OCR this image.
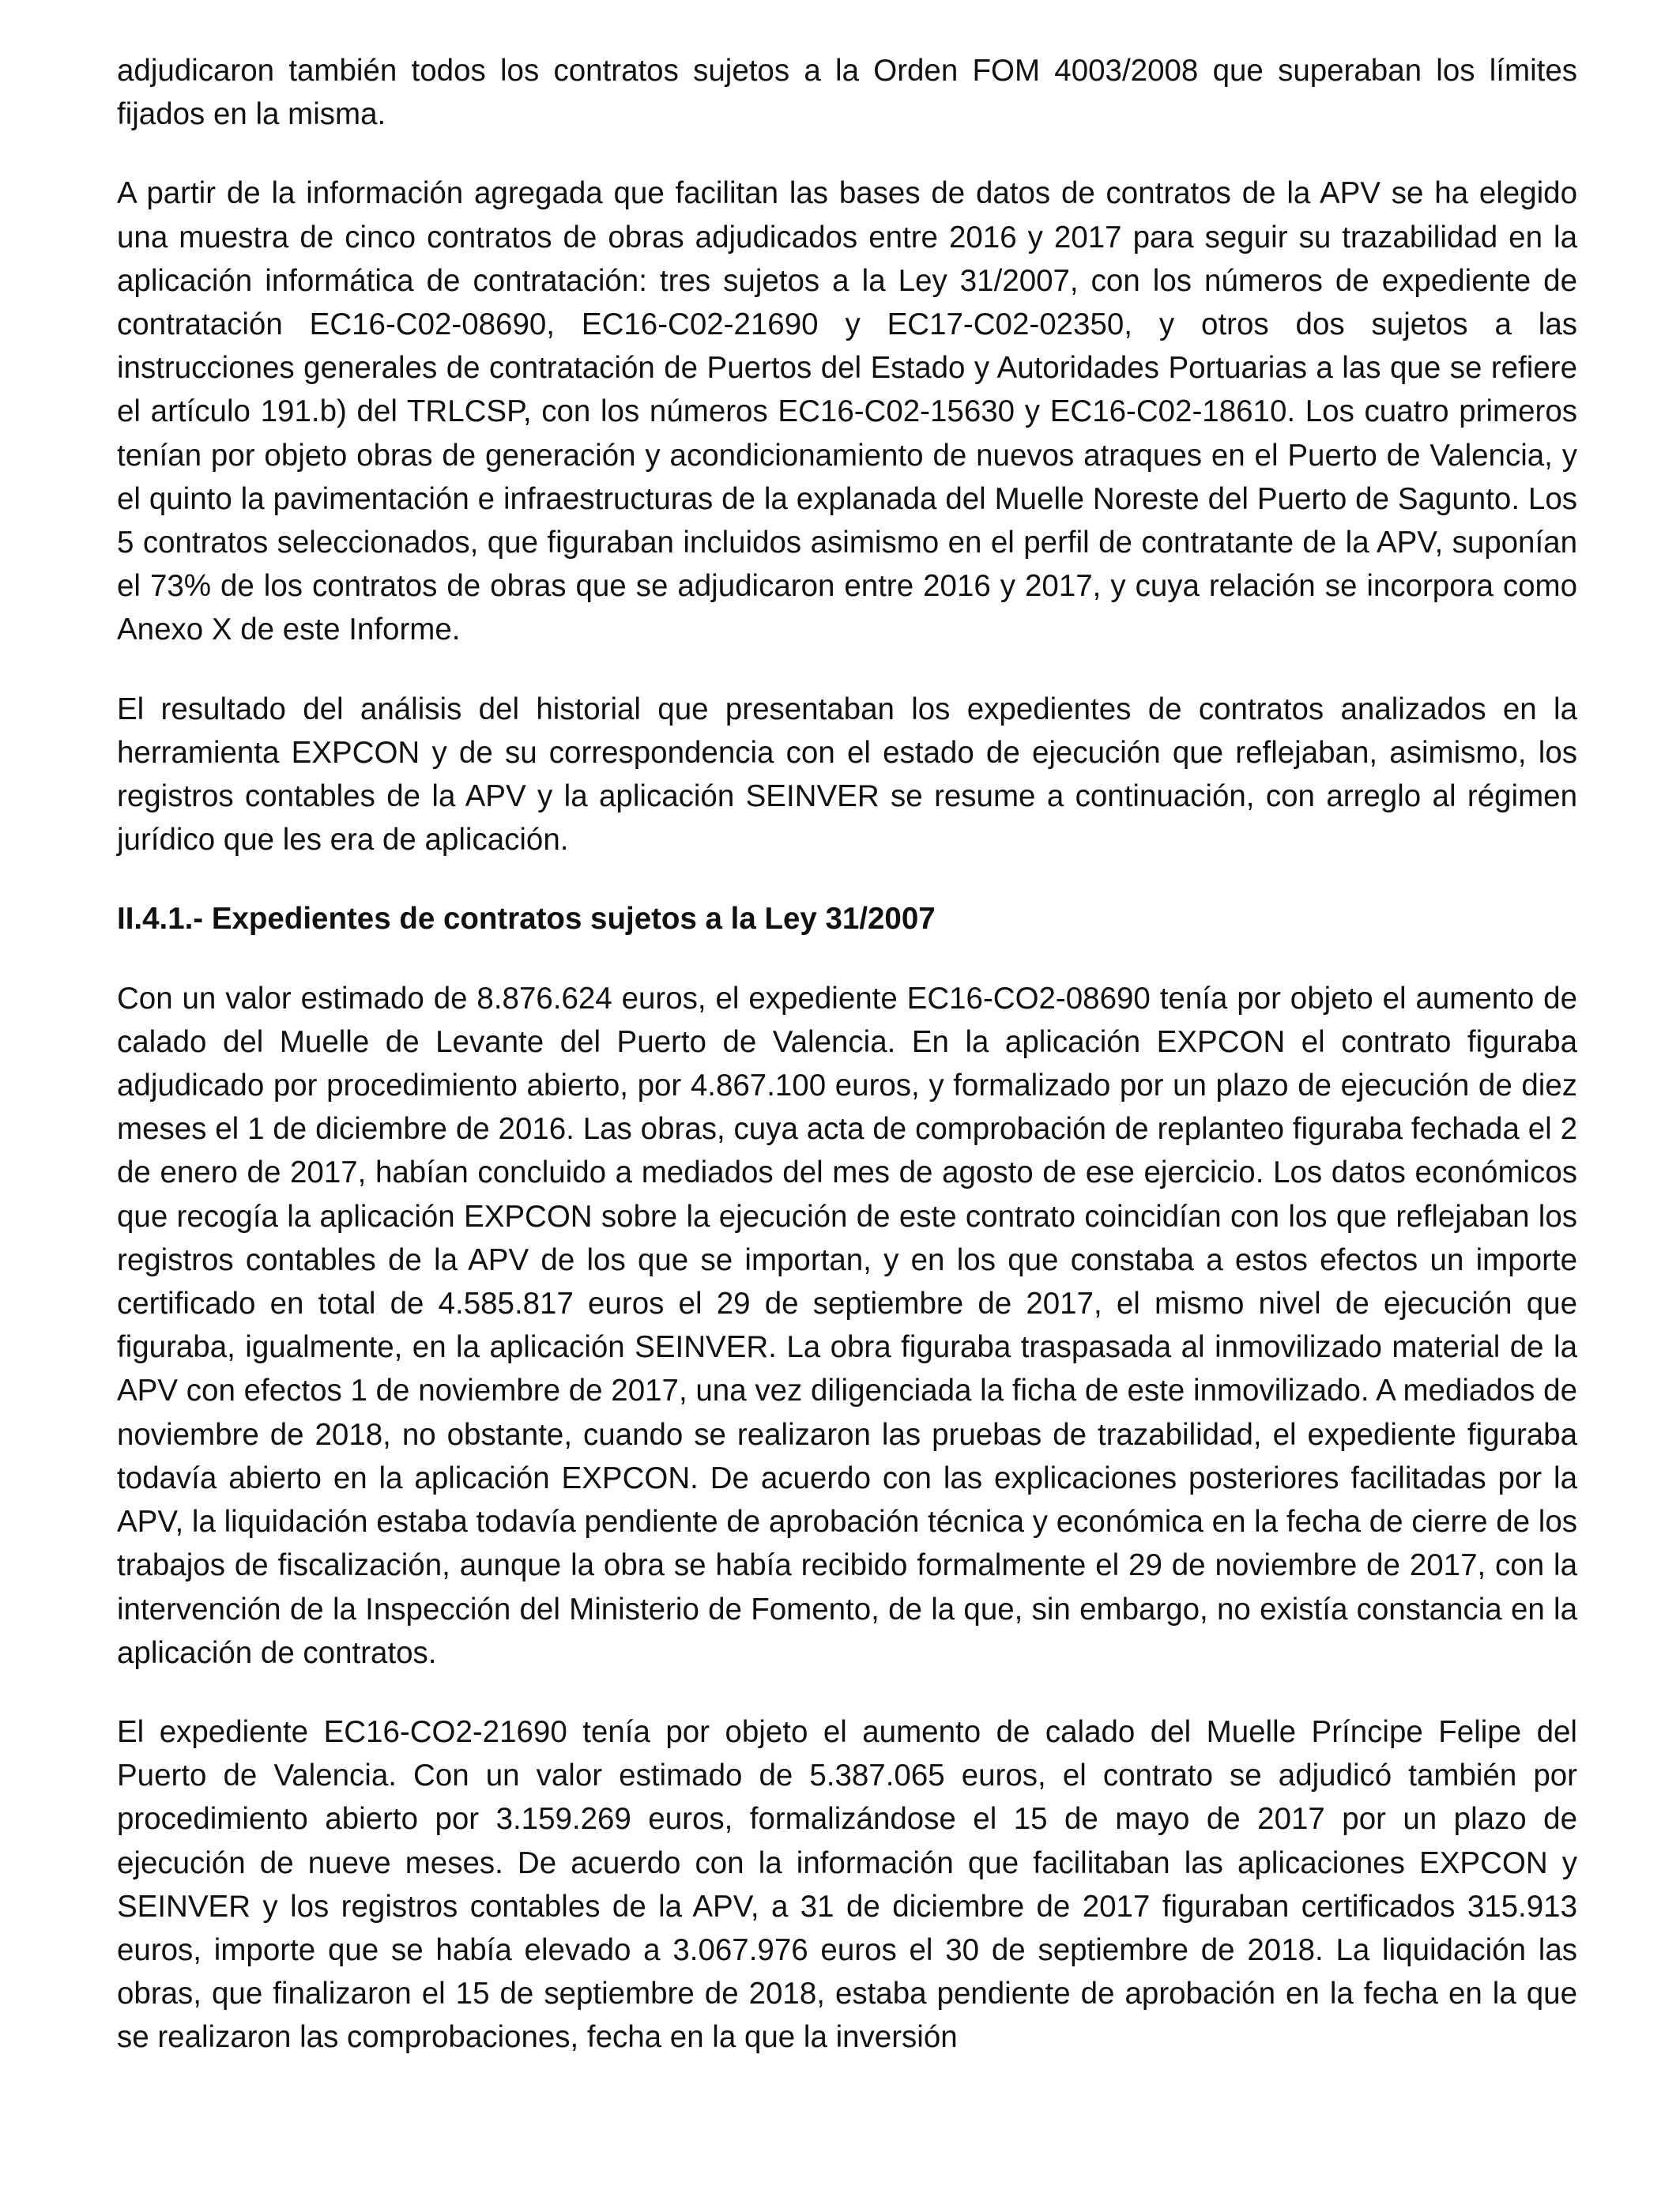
adjudicaron también todos los contratos sujetos a la Orden FOM 4003/2008 que superaban los límites fijados en la misma.

A partir de la información agregada que facilitan las bases de datos de contratos de la APV se ha elegido una muestra de cinco contratos de obras adjudicados entre 2016 y 2017 para seguir su trazabilidad en la aplicación informática de contratación: tres sujetos a la Ley 31/2007, con los números de expediente de contratación EC16-C02-08690, EC16-C02-21690 y EC17-C02-02350, y otros dos sujetos a las instrucciones generales de contratación de Puertos del Estado y Autoridades Portuarias a las que se refiere el artículo 191.b) del TRLCSP, con los números EC16-C02-15630 y EC16-C02-18610. Los cuatro primeros tenían por objeto obras de generación y acondicionamiento de nuevos atraques en el Puerto de Valencia, y el quinto la pavimentación e infraestructuras de la explanada del Muelle Noreste del Puerto de Sagunto. Los 5 contratos seleccionados, que figuraban incluidos asimismo en el perfil de contratante de la APV, suponían el 73% de los contratos de obras que se adjudicaron entre 2016 y 2017, y cuya relación se incorpora como Anexo X de este Informe.

El resultado del análisis del historial que presentaban los expedientes de contratos analizados en la herramienta EXPCON y de su correspondencia con el estado de ejecución que reflejaban, asimismo, los registros contables de la APV y la aplicación SEINVER se resume a continuación, con arreglo al régimen jurídico que les era de aplicación.

II.4.1.- Expedientes de contratos sujetos a la Ley 31/2007

Con un valor estimado de 8.876.624 euros, el expediente EC16-CO2-08690 tenía por objeto el aumento de calado del Muelle de Levante del Puerto de Valencia. En la aplicación EXPCON el contrato figuraba adjudicado por procedimiento abierto, por 4.867.100 euros, y formalizado por un plazo de ejecución de diez meses el 1 de diciembre de 2016. Las obras, cuya acta de comprobación de replanteo figuraba fechada el 2 de enero de 2017, habían concluido a mediados del mes de agosto de ese ejercicio. Los datos económicos que recogía la aplicación EXPCON sobre la ejecución de este contrato coincidían con los que reflejaban los registros contables de la APV de los que se importan, y en los que constaba a estos efectos un importe certificado en total de 4.585.817 euros el 29 de septiembre de 2017, el mismo nivel de ejecución que figuraba, igualmente, en la aplicación SEINVER. La obra figuraba traspasada al inmovilizado material de la APV con efectos 1 de noviembre de 2017, una vez diligenciada la ficha de este inmovilizado. A mediados de noviembre de 2018, no obstante, cuando se realizaron las pruebas de trazabilidad, el expediente figuraba todavía abierto en la aplicación EXPCON. De acuerdo con las explicaciones posteriores facilitadas por la APV, la liquidación estaba todavía pendiente de aprobación técnica y económica en la fecha de cierre de los trabajos de fiscalización, aunque la obra se había recibido formalmente el 29 de noviembre de 2017, con la intervención de la Inspección del Ministerio de Fomento, de la que, sin embargo, no existía constancia en la aplicación de contratos.

El expediente EC16-CO2-21690 tenía por objeto el aumento de calado del Muelle Príncipe Felipe del Puerto de Valencia. Con un valor estimado de 5.387.065 euros, el contrato se adjudicó también por procedimiento abierto por 3.159.269 euros, formalizándose el 15 de mayo de 2017 por un plazo de ejecución de nueve meses. De acuerdo con la información que facilitaban las aplicaciones EXPCON y SEINVER y los registros contables de la APV, a 31 de diciembre de 2017 figuraban certificados 315.913 euros, importe que se había elevado a 3.067.976 euros el 30 de septiembre de 2018. La liquidación las obras, que finalizaron el 15 de septiembre de 2018, estaba pendiente de aprobación en la fecha en la que se realizaron las comprobaciones, fecha en la que la inversión
